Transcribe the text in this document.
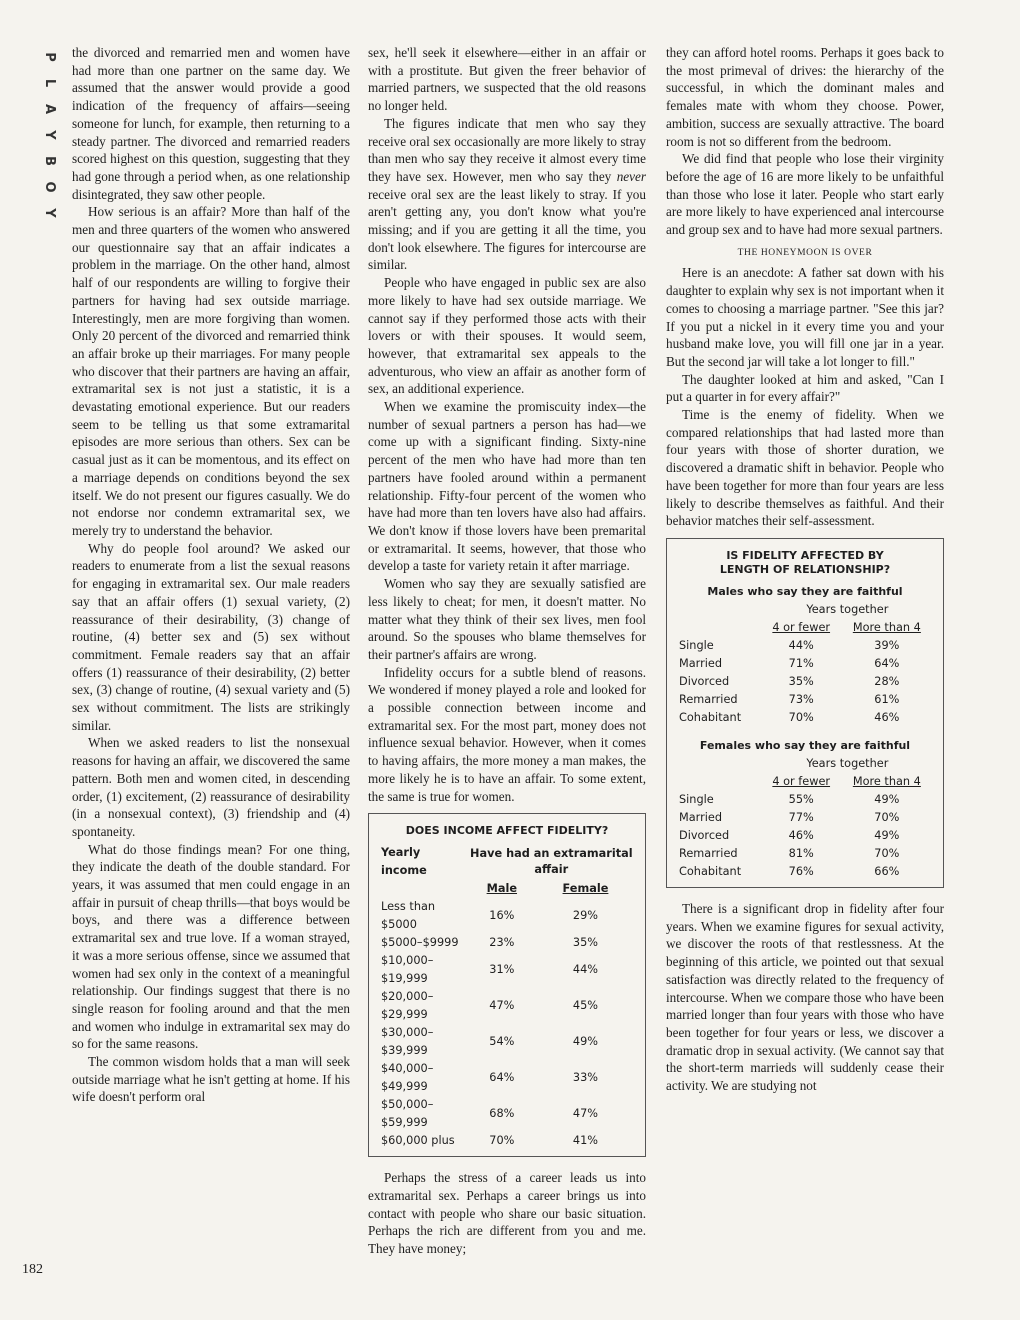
P
L
A
Y
B
O
Y
182

the divorced and remarried men and women have had more than one partner on the same day. We assumed that the answer would provide a good indication of the frequency of affairs—seeing someone for lunch, for example, then returning to a steady partner. The divorced and remarried readers scored highest on this question, suggesting that they had gone through a period when, as one relationship disintegrated, they saw other people.

How serious is an affair? More than half of the men and three quarters of the women who answered our questionnaire say that an affair indicates a problem in the marriage. On the other hand, almost half of our respondents are willing to forgive their partners for having had sex outside marriage. Interestingly, men are more forgiving than women. Only 20 percent of the divorced and remarried think an affair broke up their marriages. For many people who discover that their partners are having an affair, extramarital sex is not just a statistic, it is a devastating emotional experience. But our readers seem to be telling us that some extramarital episodes are more serious than others. Sex can be casual just as it can be momentous, and its effect on a marriage depends on conditions beyond the sex itself. We do not present our figures casually. We do not endorse nor condemn extramarital sex, we merely try to understand the behavior.

Why do people fool around? We asked our readers to enumerate from a list the sexual reasons for engaging in extramarital sex. Our male readers say that an affair offers (1) sexual variety, (2) reassurance of their desirability, (3) change of routine, (4) better sex and (5) sex without commitment. Female readers say that an affair offers (1) reassurance of their desirability, (2) better sex, (3) change of routine, (4) sexual variety and (5) sex without commitment. The lists are strikingly similar.

When we asked readers to list the nonsexual reasons for having an affair, we discovered the same pattern. Both men and women cited, in descending order, (1) excitement, (2) reassurance of desirability (in a nonsexual context), (3) friendship and (4) spontaneity.

What do those findings mean? For one thing, they indicate the death of the double standard. For years, it was assumed that men could engage in an affair in pursuit of cheap thrills—that boys would be boys, and there was a difference between extramarital sex and true love. If a woman strayed, it was a more serious offense, since we assumed that women had sex only in the context of a meaningful relationship. Our findings suggest that there is no single reason for fooling around and that the men and women who indulge in extramarital sex may do so for the same reasons.

The common wisdom holds that a man will seek outside marriage what he isn't getting at home. If his wife doesn't perform oral

sex, he'll seek it elsewhere—either in an affair or with a prostitute. But given the freer behavior of married partners, we suspected that the old reasons no longer held.

The figures indicate that men who say they receive oral sex occasionally are more likely to stray than men who say they receive it almost every time they have sex. However, men who say they never receive oral sex are the least likely to stray. If you aren't getting any, you don't know what you're missing; and if you are getting it all the time, you don't look elsewhere. The figures for intercourse are similar.

People who have engaged in public sex are also more likely to have had sex outside marriage. We cannot say if they performed those acts with their lovers or with their spouses. It would seem, however, that extramarital sex appeals to the adventurous, who view an affair as another form of sex, an additional experience.

When we examine the promiscuity index—the number of sexual partners a person has had—we come up with a significant finding. Sixty-nine percent of the men who have had more than ten partners have fooled around within a permanent relationship. Fifty-four percent of the women who have had more than ten lovers have also had affairs. We don't know if those lovers have been premarital or extramarital. It seems, however, that those who develop a taste for variety retain it after marriage.

Women who say they are sexually satisfied are less likely to cheat; for men, it doesn't matter. No matter what they think of their sex lives, men fool around. So the spouses who blame themselves for their partner's affairs are wrong.

Infidelity occurs for a subtle blend of reasons. We wondered if money played a role and looked for a possible connection between income and extramarital sex. For the most part, money does not influence sexual behavior. However, when it comes to having affairs, the more money a man makes, the more likely he is to have an affair. To some extent, the same is true for women.

DOES INCOME AFFECT FIDELITY?
Yearly income	Have had an extramarital affair	
	Male	Female
Less than $5000	16%	29%
$5000–$9999	23%	35%
$10,000–$19,999	31%	44%
$20,000–$29,999	47%	45%
$30,000–$39,999	54%	49%
$40,000–$49,999	64%	33%
$50,000–$59,999	68%	47%
$60,000 plus	70%	41%

Perhaps the stress of a career leads us into extramarital sex. Perhaps a career brings us into contact with people who share our basic situation. Perhaps the rich are different from you and me. They have money;

they can afford hotel rooms. Perhaps it goes back to the most primeval of drives: the hierarchy of the successful, in which the dominant males and females mate with whom they choose. Power, ambition, success are sexually attractive. The board room is not so different from the bedroom.

We did find that people who lose their virginity before the age of 16 are more likely to be unfaithful than those who lose it later. People who start early are more likely to have experienced anal intercourse and group sex and to have had more sexual partners.

THE HONEYMOON IS OVER

Here is an anecdote: A father sat down with his daughter to explain why sex is not important when it comes to choosing a marriage partner. "See this jar? If you put a nickel in it every time you and your husband make love, you will fill one jar in a year. But the second jar will take a lot longer to fill."

The daughter looked at him and asked, "Can I put a quarter in for every affair?"

Time is the enemy of fidelity. When we compared relationships that had lasted more than four years with those of shorter duration, we discovered a dramatic shift in behavior. People who have been together for more than four years are less likely to describe themselves as faithful. And their behavior matches their self-assessment.

IS FIDELITY AFFECTED BY
LENGTH OF RELATIONSHIP?
Males who say they are faithful
	Years together	
	4 or fewer	More than 4
Single	44%	39%
Married	71%	64%
Divorced	35%	28%
Remarried	73%	61%
Cohabitant	70%	46%
Females who say they are faithful
	Years together	
	4 or fewer	More than 4
Single	55%	49%
Married	77%	70%
Divorced	46%	49%
Remarried	81%	70%
Cohabitant	76%	66%

There is a significant drop in fidelity after four years. When we examine figures for sexual activity, we discover the roots of that restlessness. At the beginning of this article, we pointed out that sexual satisfaction was directly related to the frequency of intercourse. When we compare those who have been married longer than four years with those who have been together for four years or less, we discover a dramatic drop in sexual activity. (We cannot say that the short-term marrieds will suddenly cease their activity. We are studying not
